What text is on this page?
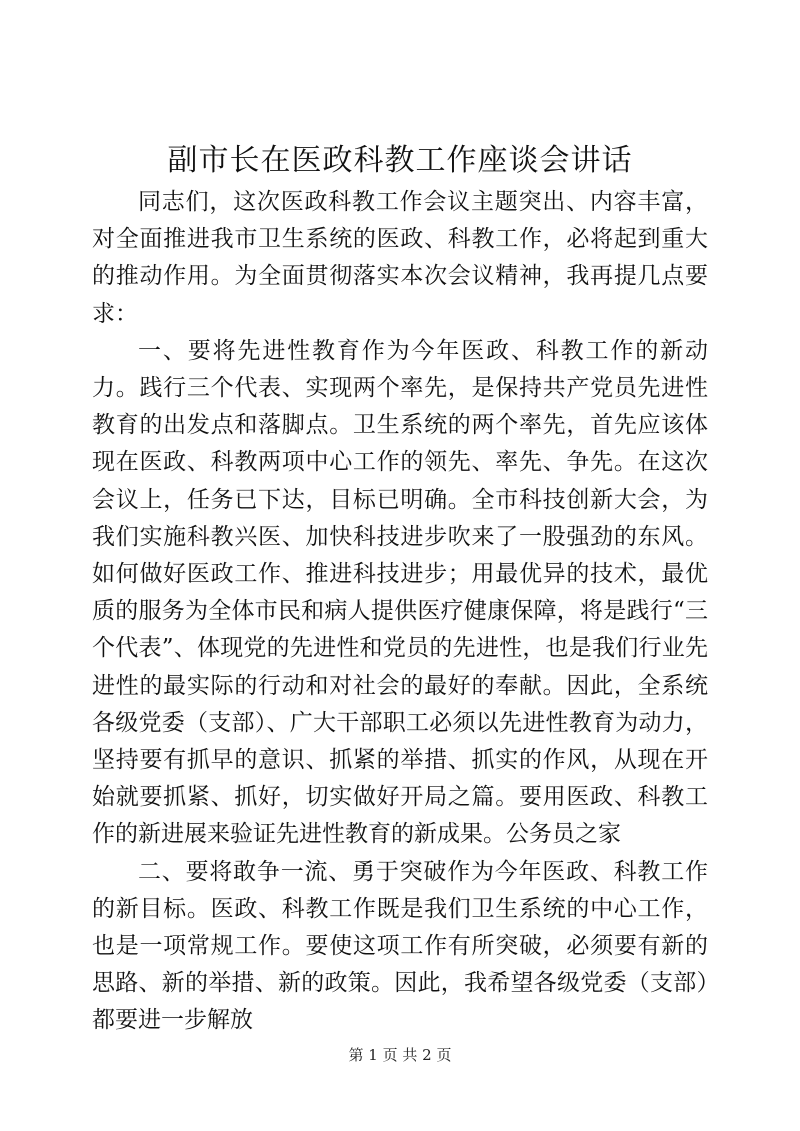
副市长在医政科教工作座谈会讲话

同志们，这次医政科教工作会议主题突出、内容丰富，对全面推进我市卫生系统的医政、科教工作，必将起到重大的推动作用。为全面贯彻落实本次会议精神，我再提几点要求：

一、要将先进性教育作为今年医政、科教工作的新动力。践行三个代表、实现两个率先，是保持共产党员先进性教育的出发点和落脚点。卫生系统的两个率先，首先应该体现在医政、科教两项中心工作的领先、率先、争先。在这次会议上，任务已下达，目标已明确。全市科技创新大会，为我们实施科教兴医、加快科技进步吹来了一股强劲的东风。如何做好医政工作、推进科技进步；用最优异的技术，最优质的服务为全体市民和病人提供医疗健康保障，将是践行“三个代表”、体现党的先进性和党员的先进性，也是我们行业先进性的最实际的行动和对社会的最好的奉献。因此，全系统各级党委（支部）、广大干部职工必须以先进性教育为动力，坚持要有抓早的意识、抓紧的举措、抓实的作风，从现在开始就要抓紧、抓好，切实做好开局之篇。要用医政、科教工作的新进展来验证先进性教育的新成果。公务员之家

二、要将敢争一流、勇于突破作为今年医政、科教工作的新目标。医政、科教工作既是我们卫生系统的中心工作，也是一项常规工作。要使这项工作有所突破，必须要有新的思路、新的举措、新的政策。因此，我希望各级党委（支部）都要进一步解放

第 1 页 共 2 页
